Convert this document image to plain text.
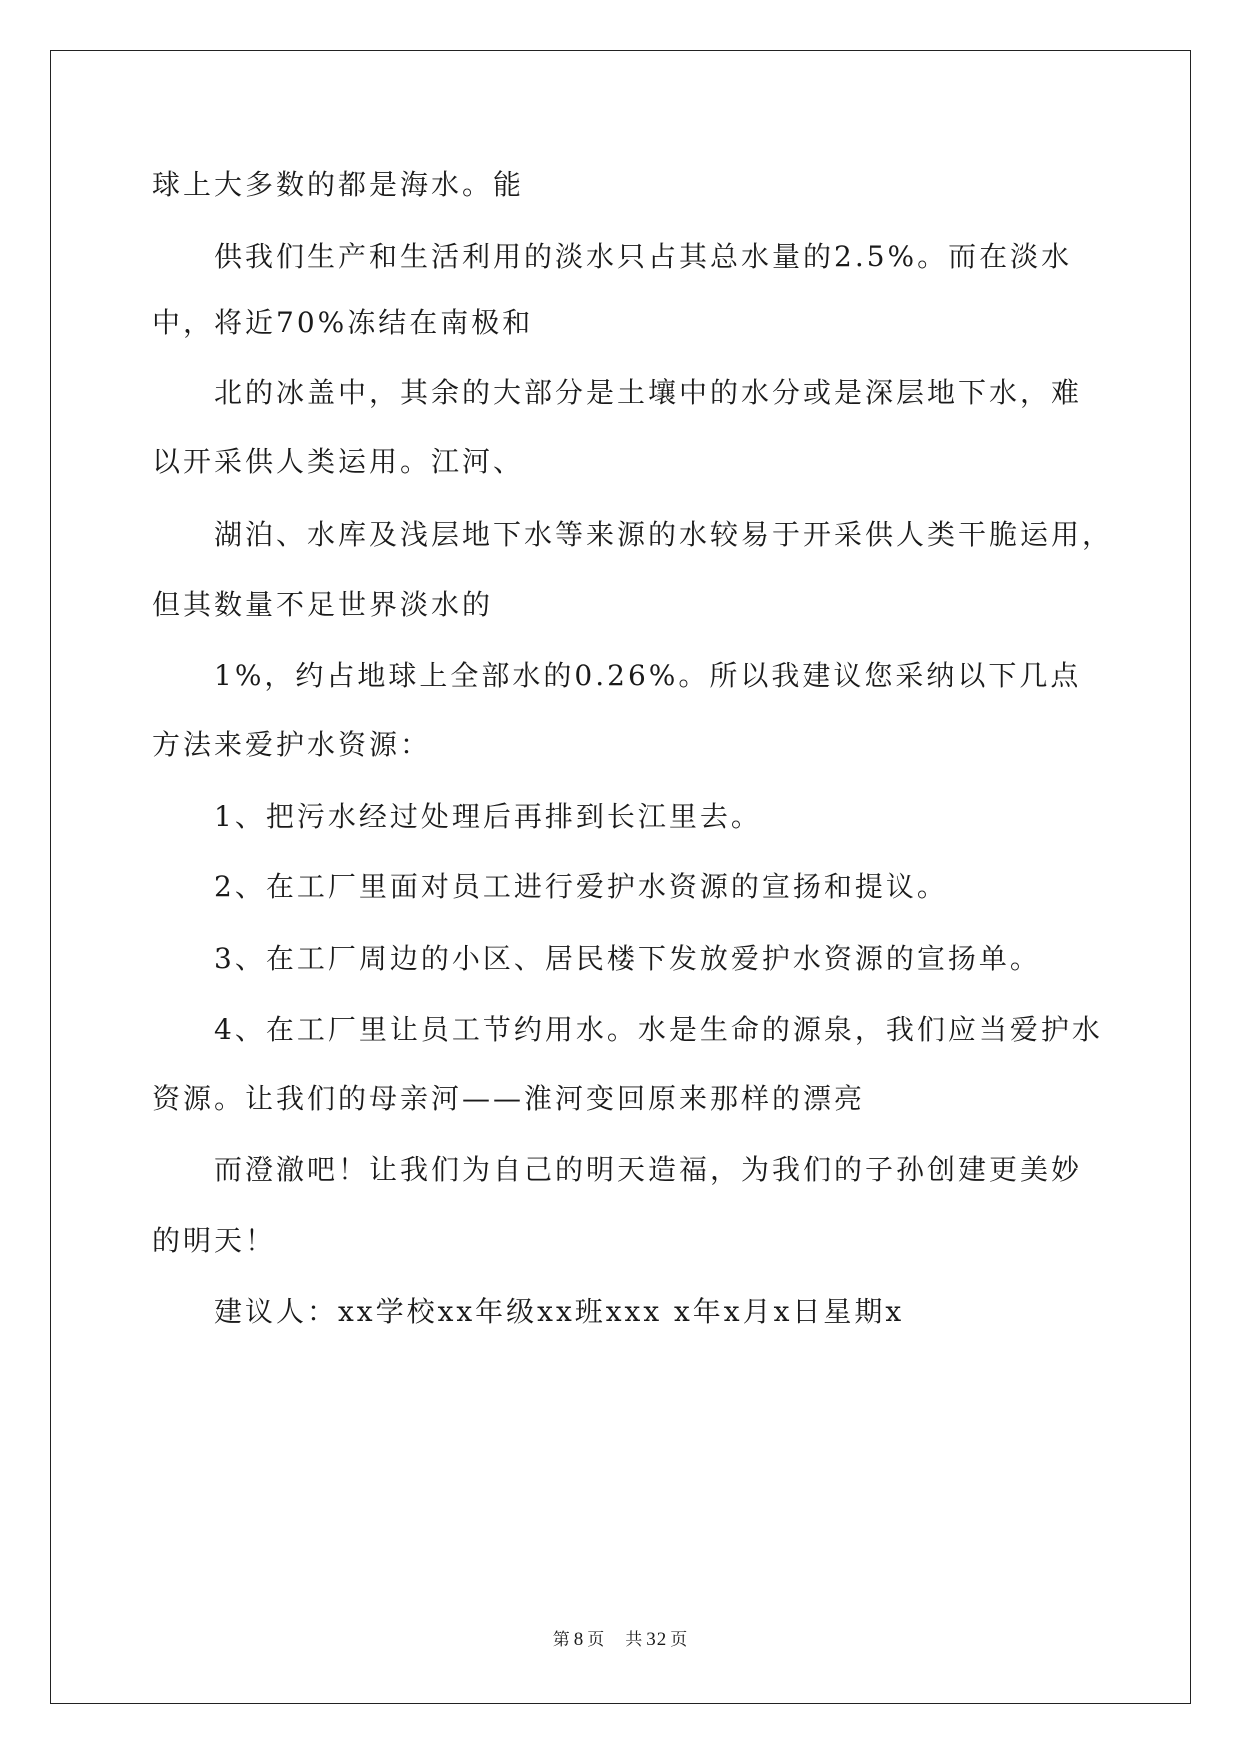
球上大多数的都是海水。能
供我们生产和生活利用的淡水只占其总水量的2.5%。而在淡水
中，将近70%冻结在南极和
北的冰盖中，其余的大部分是土壤中的水分或是深层地下水，难
以开采供人类运用。江河、
湖泊、水库及浅层地下水等来源的水较易于开采供人类干脆运用，
但其数量不足世界淡水的
1%，约占地球上全部水的0.26%。所以我建议您采纳以下几点
方法来爱护水资源：
1、把污水经过处理后再排到长江里去。
2、在工厂里面对员工进行爱护水资源的宣扬和提议。
3、在工厂周边的小区、居民楼下发放爱护水资源的宣扬单。
4、在工厂里让员工节约用水。水是生命的源泉，我们应当爱护水
资源。让我们的母亲河——淮河变回原来那样的漂亮
而澄澈吧！让我们为自己的明天造福，为我们的子孙创建更美妙
的明天！
建议人：xx学校xx年级xx班xxx x年x月x日星期x
第 8 页 共 32 页
